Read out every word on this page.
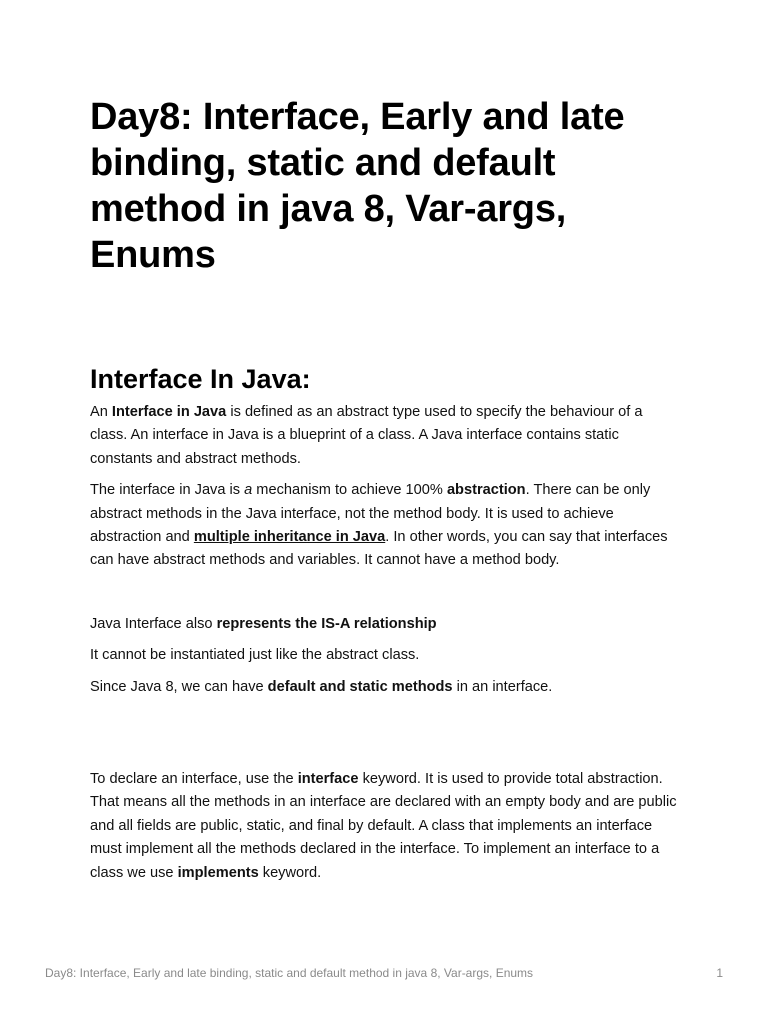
Day8: Interface, Early and late binding, static and default method in java 8, Var-args, Enums
Interface In Java:

An Interface in Java is defined as an abstract type used to specify the behaviour of a class. An interface in Java is a blueprint of a class. A Java interface contains static constants and abstract methods.

The interface in Java is a mechanism to achieve 100% abstraction. There can be only abstract methods in the Java interface, not the method body. It is used to achieve abstraction and multiple inheritance in Java. In other words, you can say that interfaces can have abstract methods and variables. It cannot have a method body.

Java Interface also represents the IS-A relationship

It cannot be instantiated just like the abstract class.

Since Java 8, we can have default and static methods in an interface.

To declare an interface, use the interface keyword. It is used to provide total abstraction. That means all the methods in an interface are declared with an empty body and are public and all fields are public, static, and final by default. A class that implements an interface must implement all the methods declared in the interface. To implement an interface to a class we use implements keyword.

Day8: Interface, Early and late binding, static and default method in java 8, Var-args, Enums	1
